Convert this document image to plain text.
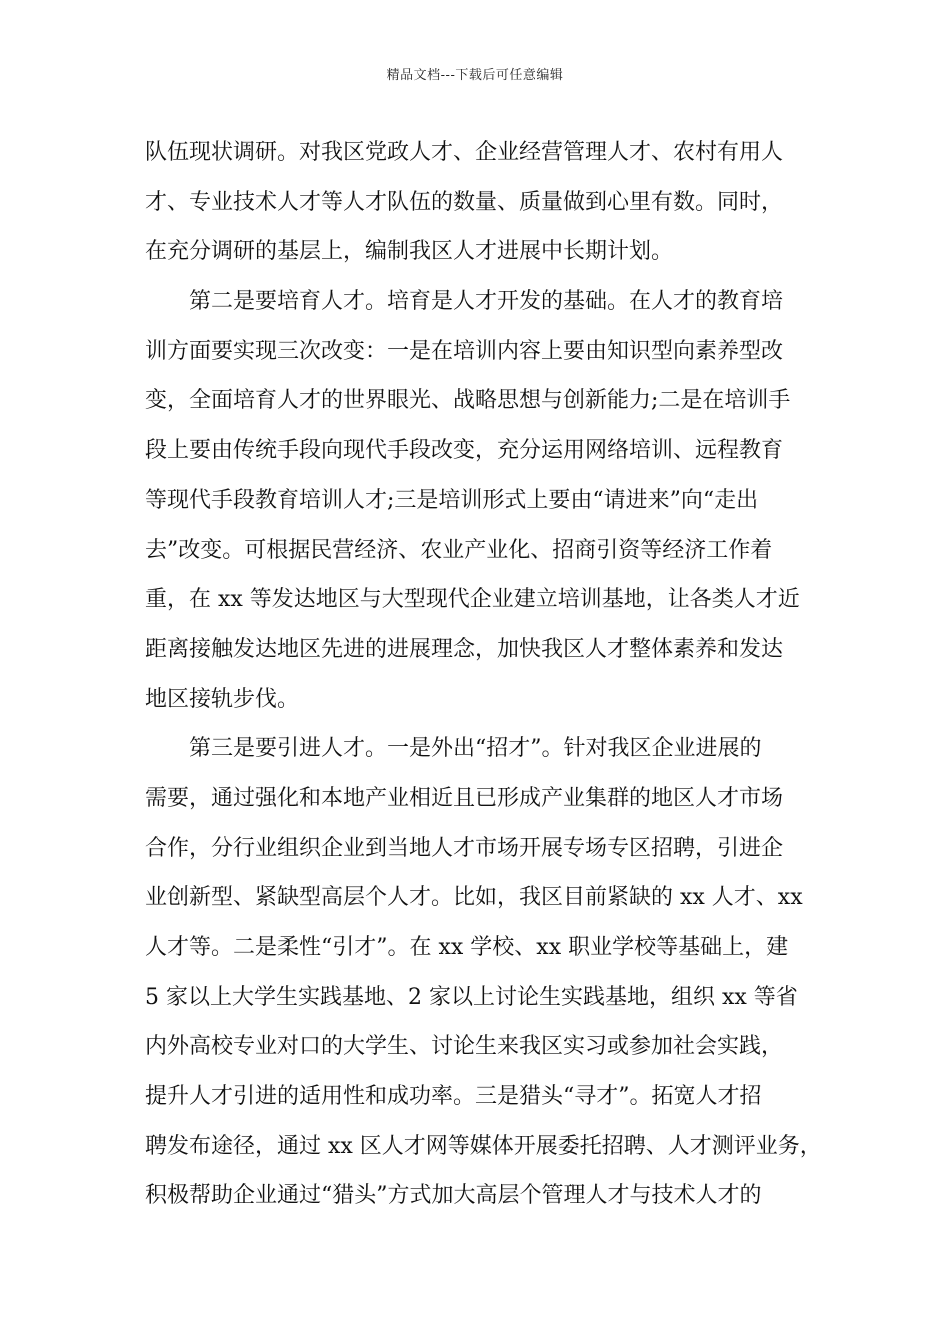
精品文档---下载后可任意编辑
队伍现状调研。对我区党政人才、企业经营管理人才、农村有用人
才、专业技术人才等人才队伍的数量、质量做到心里有数。同时，
在充分调研的基层上，编制我区人才进展中长期计划。
第二是要培育人才。培育是人才开发的基础。在人才的教育培
训方面要实现三次改变：一是在培训内容上要由知识型向素养型改
变，全面培育人才的世界眼光、战略思想与创新能力;二是在培训手
段上要由传统手段向现代手段改变，充分运用网络培训、远程教育
等现代手段教育培训人才;三是培训形式上要由“请进来”向“走出
去”改变。可根据民营经济、农业产业化、招商引资等经济工作着
重，在 xx 等发达地区与大型现代企业建立培训基地，让各类人才近
距离接触发达地区先进的进展理念，加快我区人才整体素养和发达
地区接轨步伐。
第三是要引进人才。一是外出“招才”。针对我区企业进展的
需要，通过强化和本地产业相近且已形成产业集群的地区人才市场
合作，分行业组织企业到当地人才市场开展专场专区招聘，引进企
业创新型、紧缺型高层个人才。比如，我区目前紧缺的 xx 人才、xx
人才等。二是柔性“引才”。在 xx 学校、xx 职业学校等基础上，建
5 家以上大学生实践基地、2 家以上讨论生实践基地，组织 xx 等省
内外高校专业对口的大学生、讨论生来我区实习或参加社会实践，
提升人才引进的适用性和成功率。三是猎头“寻才”。拓宽人才招
聘发布途径，通过 xx 区人才网等媒体开展委托招聘、人才测评业务，
积极帮助企业通过“猎头”方式加大高层个管理人才与技术人才的
